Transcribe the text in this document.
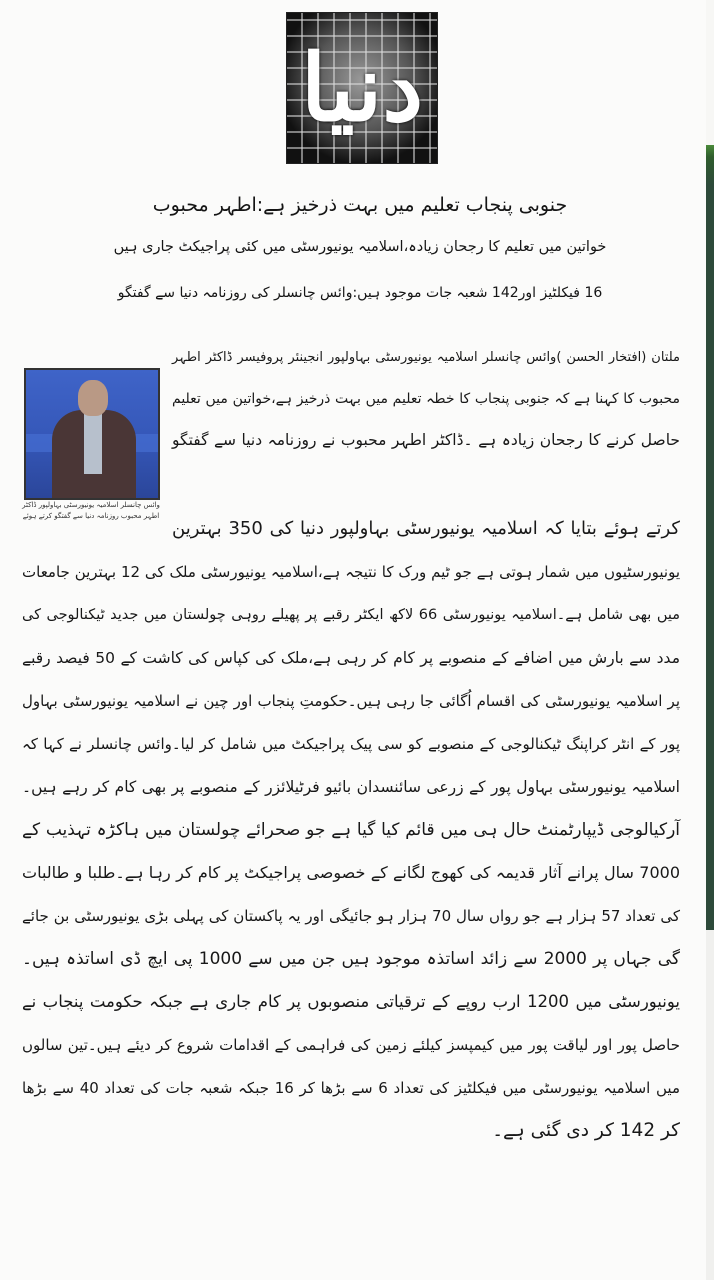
دنیا
جنوبی پنجاب تعلیم میں بہت ذرخیز ہے:اطہر محبوب
خواتین میں تعلیم کا رجحان زیادہ،اسلامیہ یونیورسٹی میں کئی پراجیکٹ جاری ہیں
16 فیکلٹیز اور142 شعبہ جات موجود ہیں:وائس چانسلر کی روزنامہ دنیا سے گفتگو
وائس چانسلر اسلامیہ یونیورسٹی بہاولپور ڈاکٹر اطہر محبوب روزنامہ دنیا سے گفتگو کرتے ہوئے
ملتان (افتخار الحسن )وائس چانسلر اسلامیہ یونیورسٹی بہاولپور انجینئر پروفیسر ڈاکٹر اطہر
محبوب کا کہنا ہے کہ جنوبی پنجاب کا خطہ تعلیم میں بہت ذرخیز ہے،خواتین میں تعلیم
حاصل کرنے کا رجحان زیادہ ہے ۔ڈاکٹر اطہر محبوب نے روزنامہ دنیا سے گفتگو
کرتے ہوئے بتایا کہ اسلامیہ یونیورسٹی بہاولپور دنیا کی 350 بہترین
یونیورسٹیوں میں شمار ہوتی ہے جو ٹیم ورک کا نتیجہ ہے،اسلامیہ یونیورسٹی ملک کی 12 بہترین جامعات
میں بھی شامل ہے۔اسلامیہ یونیورسٹی 66 لاکھ ایکٹر رقبے پر پھیلے روہی چولستان میں جدید ٹیکنالوجی کی
مدد سے بارش میں اضافے کے منصوبے پر کام کر رہی ہے،ملک کی کپاس کی کاشت کے 50 فیصد رقبے
پر اسلامیہ یونیورسٹی کی اقسام اُگائی جا رہی ہیں۔حکومتِ پنجاب اور چین نے اسلامیہ یونیورسٹی بہاول
پور کے انٹر کراپنگ ٹیکنالوجی کے منصوبے کو سی پیک پراجیکٹ میں شامل کر لیا۔وائس چانسلر نے کہا کہ
اسلامیہ یونیورسٹی بہاول پور کے زرعی سائنسدان بائیو فرٹیلائزر کے منصوبے پر بھی کام کر رہے ہیں۔
آرکیالوجی ڈیپارٹمنٹ حال ہی میں قائم کیا گیا ہے جو صحرائے چولستان میں ہاکڑہ تہذیب کے
7000 سال پرانے آثار قدیمہ کی کھوج لگانے کے خصوصی پراجیکٹ پر کام کر رہا ہے۔طلبا و طالبات
کی تعداد 57 ہزار ہے جو رواں سال 70 ہزار ہو جائیگی اور یہ پاکستان کی پہلی بڑی یونیورسٹی بن جائے
گی جہاں پر 2000 سے زائد اساتذہ موجود ہیں جن میں سے 1000 پی ایچ ڈی اساتذہ ہیں۔
یونیورسٹی میں 1200 ارب روپے کے ترقیاتی منصوبوں پر کام جاری ہے جبکہ حکومت پنجاب نے
حاصل پور اور لیاقت پور میں کیمپسز کیلئے زمین کی فراہمی کے اقدامات شروع کر دیئے ہیں۔تین سالوں
میں اسلامیہ یونیورسٹی میں فیکلٹیز کی تعداد 6 سے بڑھا کر 16 جبکہ شعبہ جات کی تعداد 40 سے بڑھا
کر 142 کر دی گئی ہے۔
